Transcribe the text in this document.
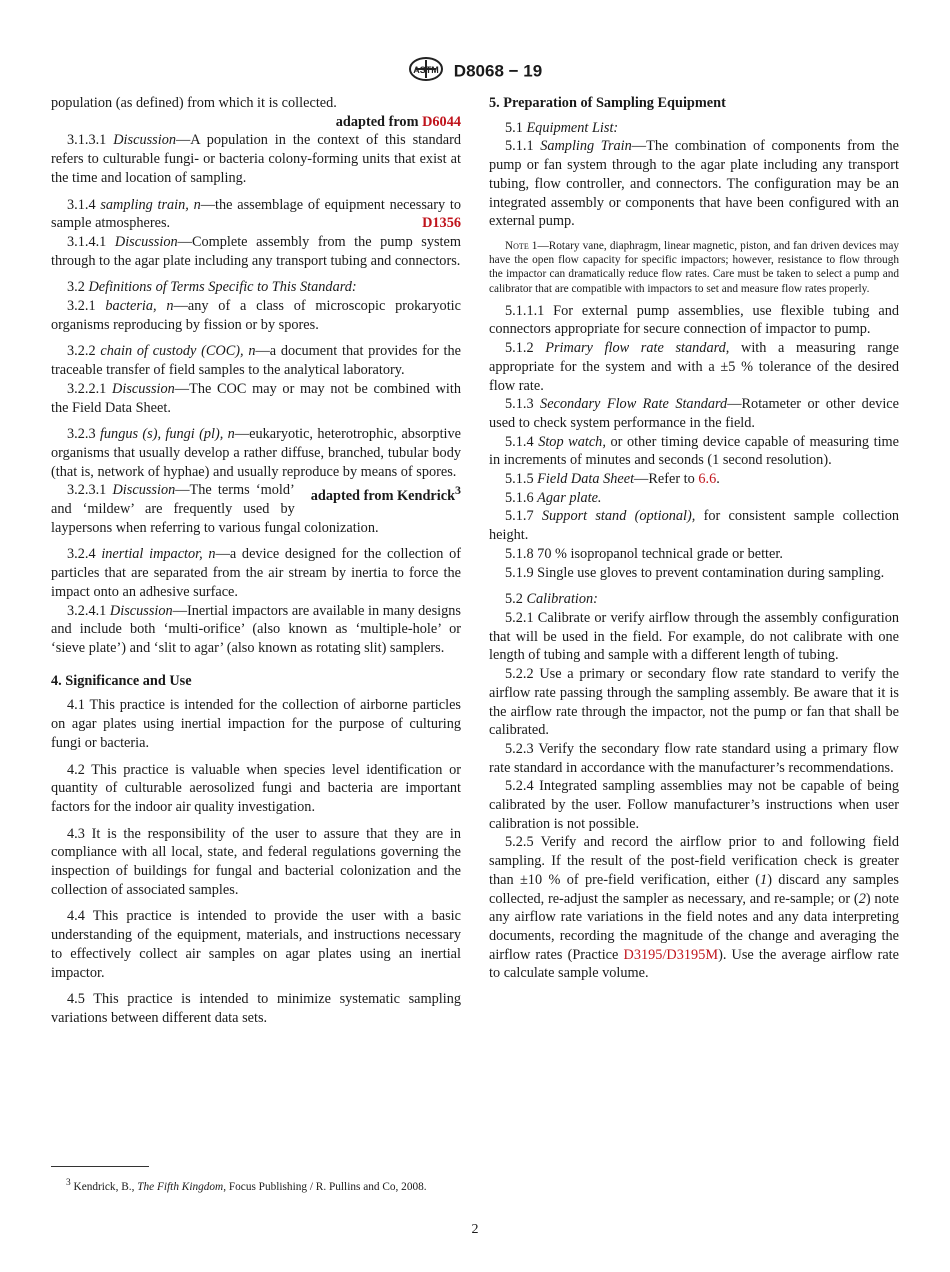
ASTM D8068 − 19

population (as defined) from which it is collected.

adapted from D6044

3.1.3.1 Discussion—A population in the context of this standard refers to culturable fungi- or bacteria colony-forming units that exist at the time and location of sampling.

3.1.4 sampling train, n—the assemblage of equipment necessary to sample atmospheres.	D1356

3.1.4.1 Discussion—Complete assembly from the pump system through to the agar plate including any transport tubing and connectors.

3.2 Definitions of Terms Specific to This Standard:

3.2.1 bacteria, n—any of a class of microscopic prokaryotic organisms reproducing by fission or by spores.

3.2.2 chain of custody (COC), n—a document that provides for the traceable transfer of field samples to the analytical laboratory.

3.2.2.1 Discussion—The COC may or may not be combined with the Field Data Sheet.

3.2.3 fungus (s), fungi (pl), n—eukaryotic, heterotrophic, absorptive organisms that usually develop a rather diffuse, branched, tubular body (that is, network of hyphae) and usually reproduce by means of spores.
adapted from Kendrick$^3$

3.2.3.1 Discussion—The terms ‘mold’ and ‘mildew’ are frequently used by laypersons when referring to various fungal colonization.

3.2.4 inertial impactor, n—a device designed for the collection of particles that are separated from the air stream by inertia to force the impact onto an adhesive surface.

3.2.4.1 Discussion—Inertial impactors are available in many designs and include both ‘multi-orifice’ (also known as ‘multiple-hole’ or ‘sieve plate’) and ‘slit to agar’ (also known as rotating slit) samplers.

4. Significance and Use

4.1 This practice is intended for the collection of airborne particles on agar plates using inertial impaction for the purpose of culturing fungi or bacteria.

4.2 This practice is valuable when species level identification or quantity of culturable aerosolized fungi and bacteria are important factors for the indoor air quality investigation.

4.3 It is the responsibility of the user to assure that they are in compliance with all local, state, and federal regulations governing the inspection of buildings for fungal and bacterial colonization and the collection of associated samples.

4.4 This practice is intended to provide the user with a basic understanding of the equipment, materials, and instructions necessary to effectively collect air samples on agar plates using an inertial impactor.

4.5 This practice is intended to minimize systematic sampling variations between different data sets.

5. Preparation of Sampling Equipment

5.1 Equipment List:

5.1.1 Sampling Train—The combination of components from the pump or fan system through to the agar plate including any transport tubing, flow controller, and connectors. The configuration may be an integrated assembly or components that have been configured with an external pump.

Note 1—Rotary vane, diaphragm, linear magnetic, piston, and fan driven devices may have the open flow capacity for specific impactors; however, resistance to flow through the impactor can dramatically reduce flow rates. Care must be taken to select a pump and calibrator that are compatible with impactors to set and measure flow rates properly.

5.1.1.1 For external pump assemblies, use flexible tubing and connectors appropriate for secure connection of impactor to pump.

5.1.2 Primary flow rate standard, with a measuring range appropriate for the system and with a ±5 % tolerance of the desired flow rate.

5.1.3 Secondary Flow Rate Standard—Rotameter or other device used to check system performance in the field.

5.1.4 Stop watch, or other timing device capable of measuring time in increments of minutes and seconds (1 second resolution).

5.1.5 Field Data Sheet—Refer to 6.6.

5.1.6 Agar plate.

5.1.7 Support stand (optional), for consistent sample collection height.

5.1.8 70 % isopropanol technical grade or better.

5.1.9 Single use gloves to prevent contamination during sampling.

5.2 Calibration:

5.2.1 Calibrate or verify airflow through the assembly configuration that will be used in the field. For example, do not calibrate with one length of tubing and sample with a different length of tubing.

5.2.2 Use a primary or secondary flow rate standard to verify the airflow rate passing through the sampling assembly. Be aware that it is the airflow rate through the impactor, not the pump or fan that shall be calibrated.

5.2.3 Verify the secondary flow rate standard using a primary flow rate standard in accordance with the manufacturer’s recommendations.

5.2.4 Integrated sampling assemblies may not be capable of being calibrated by the user. Follow manufacturer’s instructions when user calibration is not possible.

5.2.5 Verify and record the airflow prior to and following field sampling. If the result of the post-field verification check is greater than ±10 % of pre-field verification, either (1) discard any samples collected, re-adjust the sampler as necessary, and re-sample; or (2) note any airflow rate variations in the field notes and any data interpreting documents, recording the magnitude of the change and averaging the airflow rates (Practice D3195/D3195M). Use the average airflow rate to calculate sample volume.

$^3$ Kendrick, B., The Fifth Kingdom, Focus Publishing / R. Pullins and Co, 2008.
2
